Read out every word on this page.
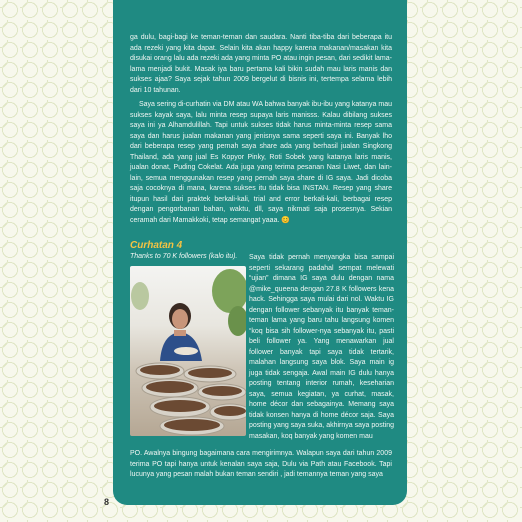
ga dulu, bagi-bagi ke teman-teman dan saudara. Nanti tiba-tiba dari beberapa itu ada rezeki yang kita dapat. Selain kita akan happy karena makanan/masakan kita disukai orang lalu ada rezeki ada yang minta PO atau ingin pesan, dari sedikit lama-lama menjadi bukit. Masak iya baru pertama kali bikin sudah mau laris manis dan sukses ajaa? Saya sejak tahun 2009 bergelut di bisnis ini, tertempa selama lebih dari 10 tahunan.

Saya sering di-curhatin via DM atau WA bahwa banyak ibu-ibu yang katanya mau sukses kayak saya, lalu minta resep supaya laris manisss. Kalau dibilang sukses saya ini ya Alhamdulillah. Tapi untuk sukses tidak harus minta-minta resep sama saya dan harus jualan makanan yang jenisnya sama seperti saya ini. Banyak lho dari beberapa resep yang pernah saya share ada yang berhasil jualan Singkong Thailand, ada yang jual Es Kopyor Pinky, Roti Sobek yang katanya laris manis, jualan donat, Puding Cokelat. Ada juga yang terima pesanan Nasi Liwet, dan lain-lain, semua menggunakan resep yang pernah saya share di IG saya. Jadi dicoba saja cocoknya di mana, karena sukses itu tidak bisa INSTAN. Resep yang share itupun hasil dari praktek berkali-kali, trial and error berkali-kali, berbagai resep dengan pengorbanan bahan, waktu, dll, saya nikmati saja prosesnya. Sekian ceramah dari Mamakkoki, tetap semangat yaaa. 😊

Curhatan 4

Thanks to 70 K followers (kalo itu). Saya tidak pernah menyangka bisa sampai seperti sekarang padahal sempat melewati “ujian” dimana IG saya dulu dengan nama @mike_queena dengan 27.8 K followers kena hack. Sehingga saya mulai dari nol. Waktu IG dengan follower sebanyak itu banyak teman-teman lama yang baru tahu langsung komen “koq bisa sih follower-nya sebanyak itu, pasti beli follower ya. Yang menawarkan jual follower banyak tapi saya tidak tertarik, malahan langsung saya blok. Saya main ig juga tidak sengaja. Awal main IG dulu hanya posting tentang interior rumah, keseharian saya, semua kegiatan, ya curhat, masak, home décor dan sebagainya. Memang saya tidak konsen hanya di home décor saja. Saya posting yang saya suka, akhirnya saya posting masakan, koq banyak yang komen mau

PO. Awalnya bingung bagaimana cara mengirimnya. Walapun saya dari tahun 2009 terima PO tapi hanya untuk kenalan saya saja, Dulu via Path atau Facebook. Tapi lucunya yang pesan malah bukan teman sendiri , jadi temannya teman yang saya

8
